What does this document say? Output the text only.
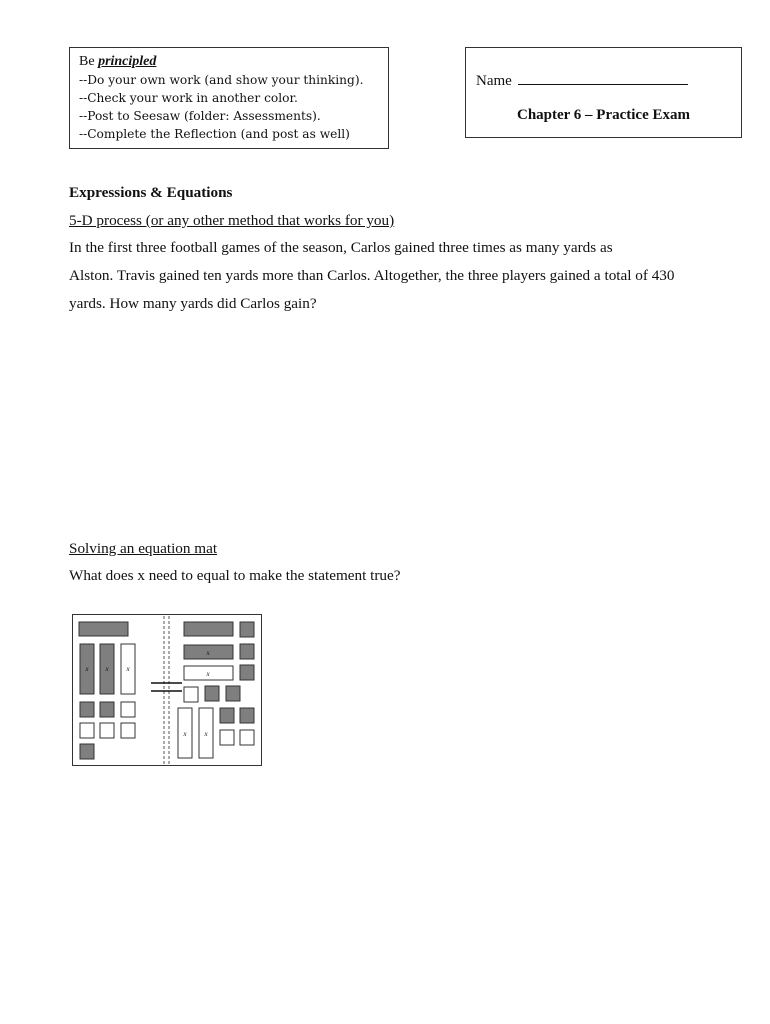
Be principled
--Do your own work (and show your thinking).
--Check your work in another color.
--Post to Seesaw (folder: Assessments).
--Complete the Reflection (and post as well)
Name
Chapter 6 – Practice Exam
Expressions & Equations
5-D process (or any other method that works for you)
In the first three football games of the season, Carlos gained three times as many yards as
Alston. Travis gained ten yards more than Carlos. Altogether, the three players gained a total of 430
yards. How many yards did Carlos gain?
Solving an equation mat
What does x need to equal to make the statement true?
x x	x
x
x
x	x
